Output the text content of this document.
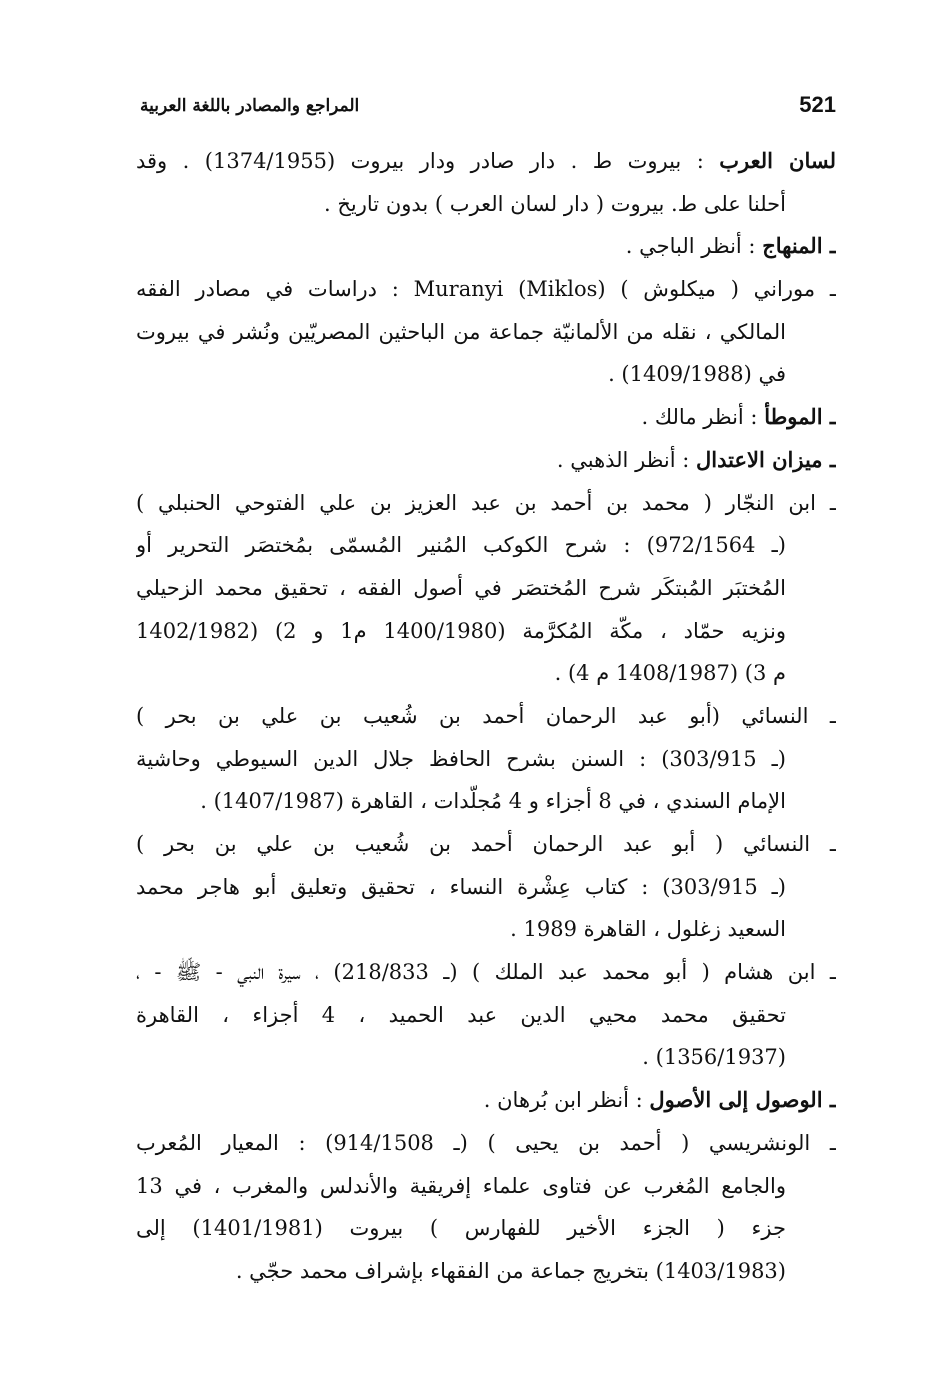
521
المراجع والمصادر باللغة العربية
لسان العرب : بيروت ط . دار صادر ودار بيروت (1374/1955) . وقد
أحلنا على ط. بيروت ( دار لسان العرب ) بدون تاريخ .
ـ المنهاج : أنظر الباجي .
ـ موراني ( ميكلوش ) Muranyi (Miklos) : دراسات في مصادر الفقه
المالكي ، نقله من الألمانيّة جماعة من الباحثين المصريّين ونُشر في بيروت
في (1409/1988) .
ـ الموطأ : أنظر مالك .
ـ ميزان الاعتدال : أنظر الذهبي .
ـ ابن النجّار ( محمد بن أحمد بن عبد العزيز بن علي الفتوحي الحنبلي )
(ـ 972/1564) : شرح الكوكب المُنير المُسمّى بمُختصَر التحرير أو
المُختبَر المُبتكَر شرح المُختصَر في أصول الفقه ، تحقيق محمد الزحيلي
ونزيه حمّاد ، مكّة المُكرَّمة (1400/1980 م1 و 2) (1402/1982
م 3) (1408/1987 م 4) .
ـ النسائي (أبو عبد الرحمان أحمد بن شُعيب بن علي بن بحر )
(ـ 303/915) : السنن بشرح الحافظ جلال الدين السيوطي وحاشية
الإمام السندي ، في 8 أجزاء و 4 مُجلّدات ، القاهرة (1407/1987) .
ـ النسائي ( أبو عبد الرحمان أحمد بن شُعيب بن علي بن بحر )
(ـ 303/915) : كتاب عِشْرة النساء ، تحقيق وتعليق أبو هاجر محمد
السعيد زغلول ، القاهرة 1989 .
ـ ابن هشام ( أبو محمد عبد الملك ) (ـ 218/833) ، سيرة النبي - ﷺ - ،
تحقيق محمد محيي الدين عبد الحميد ، 4 أجزاء ، القاهرة
(1356/1937) .
ـ الوصول إلى الأصول : أنظر ابن بُرهان .
ـ الونشريسي ( أحمد بن يحيى ) (ـ 914/1508) : المعيار المُعرب
والجامع المُغرب عن فتاوى علماء إفريقية والأندلس والمغرب ، في 13
جزء ( الجزء الأخير للفهارس ) بيروت (1401/1981) إلى
(1403/1983) بتخريج جماعة من الفقهاء بإشراف محمد حجّي .
